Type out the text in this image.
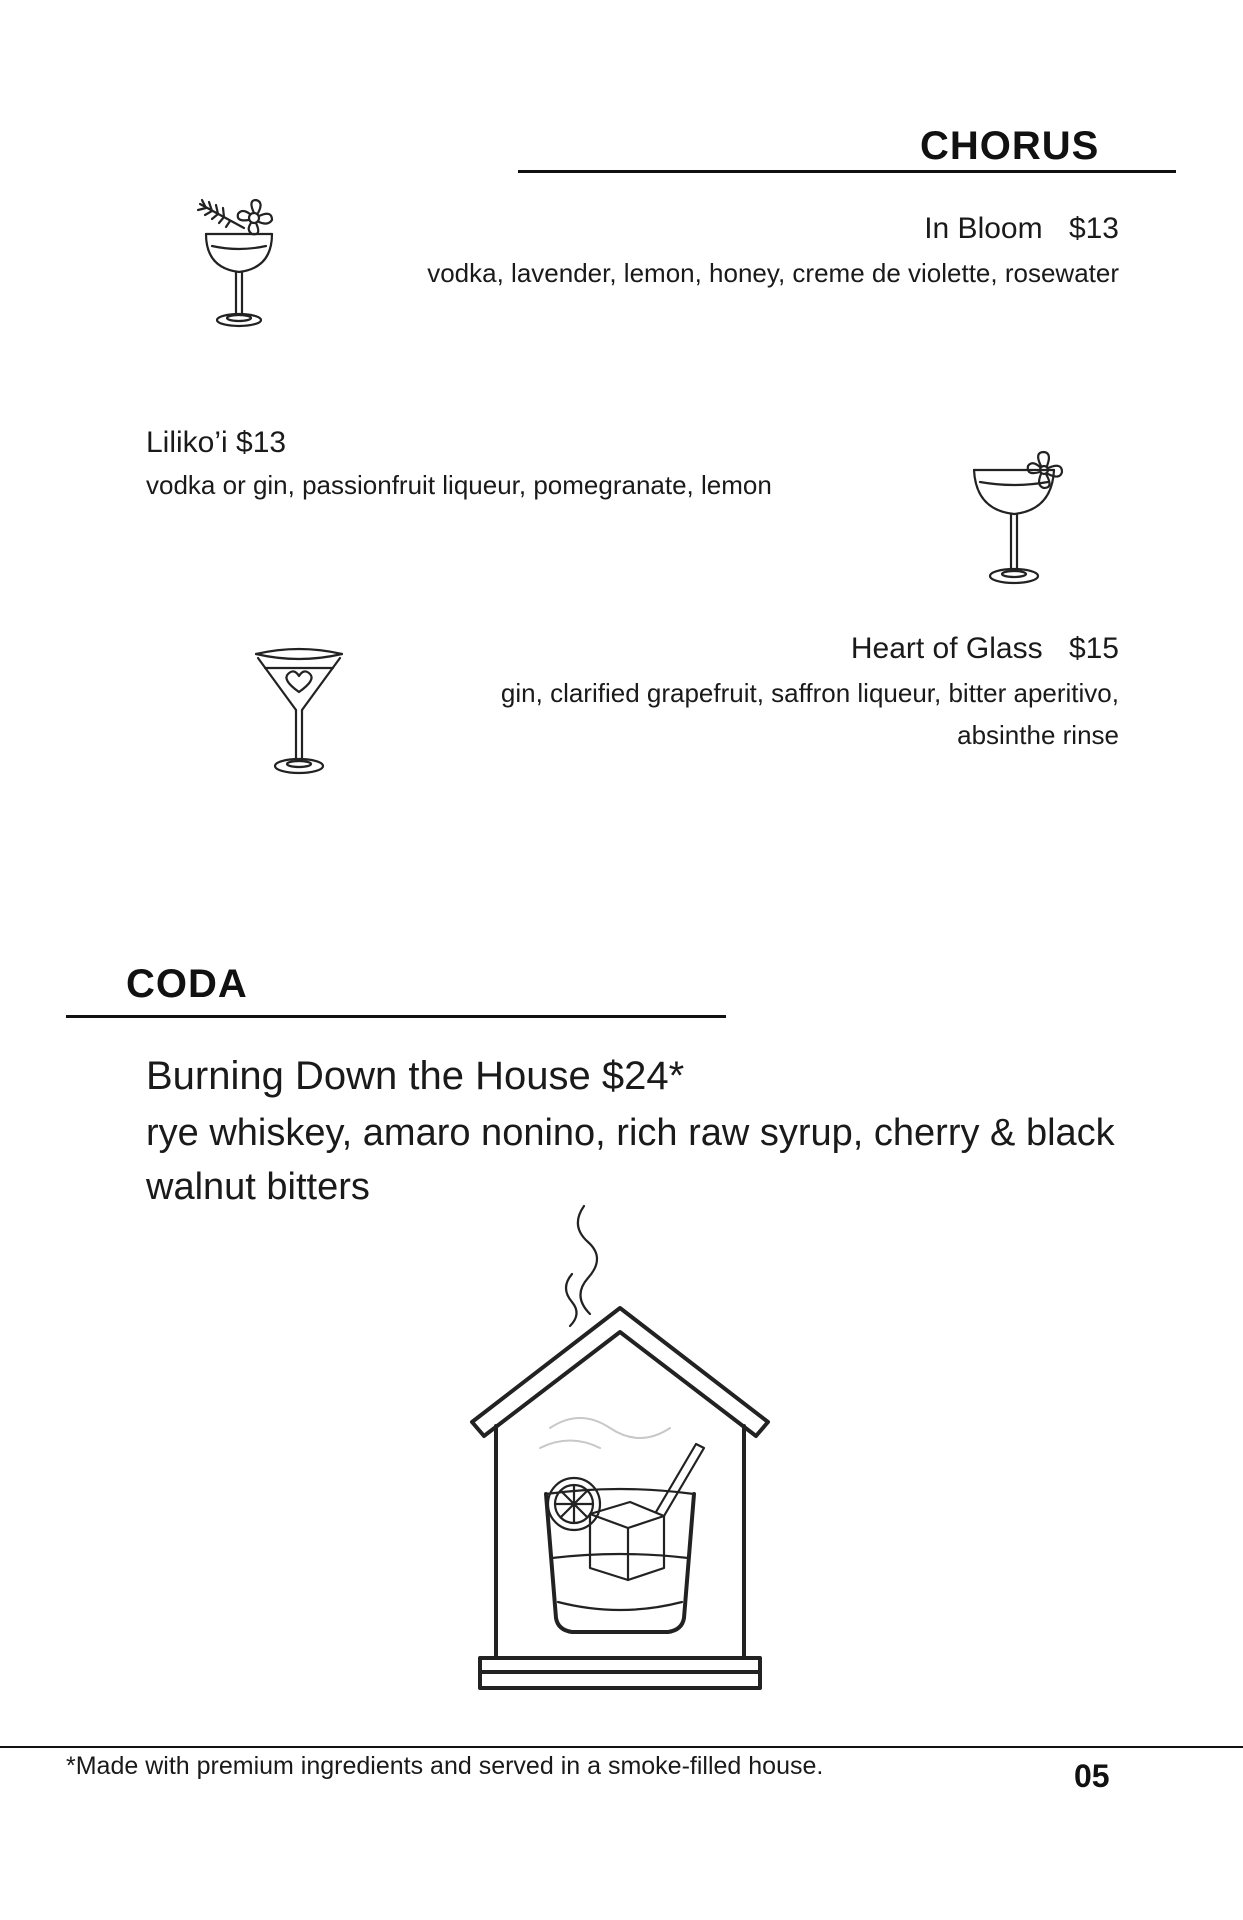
CHORUS
In Bloom $13
vodka, lavender, lemon, honey, creme de violette, rosewater
Liliko’i $13
vodka or gin, passionfruit liqueur, pomegranate, lemon
Heart of Glass $15
gin, clarified grapefruit, saffron liqueur, bitter aperitivo,
absinthe rinse
CODA
Burning Down the House $24*
rye whiskey, amaro nonino, rich raw syrup, cherry & black
walnut bitters
*Made with premium ingredients and served in a smoke-filled house.	05
